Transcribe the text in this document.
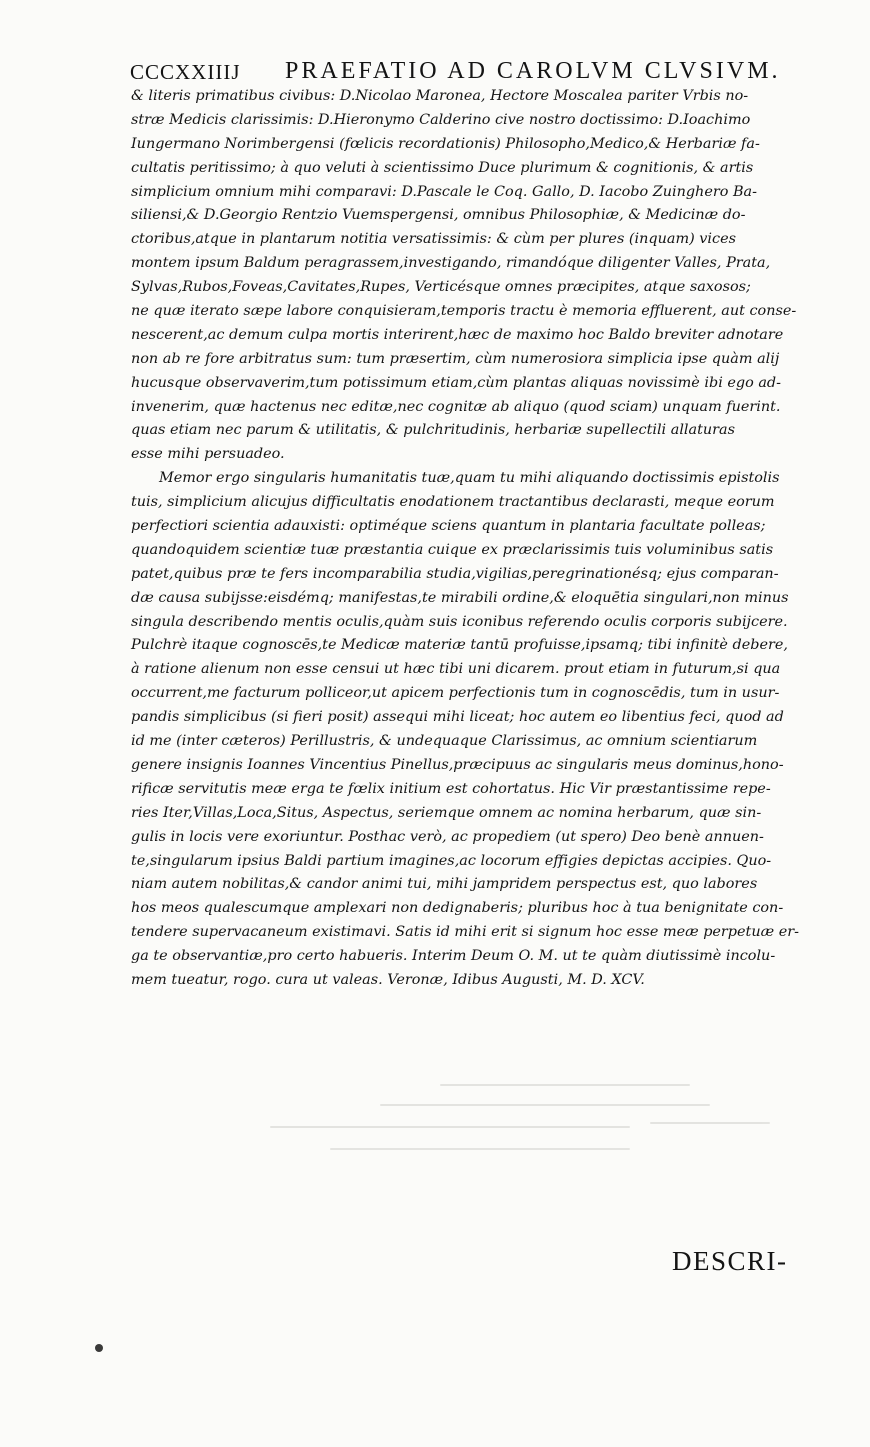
CCCXXIIIJ PRAEFATIO AD CAROLVM CLVSIVM.
& literis primatibus civibus: D.Nicolao Maronea, Hectore Moscalea pariter Vrbis no-
stræ Medicis clarissimis: D.Hieronymo Calderino cive nostro doctissimo: D.Ioachimo
Iungermano Norimbergensi (fœlicis recordationis) Philosopho,Medico,& Herbariæ fa-
cultatis peritissimo; à quo veluti à scientissimo Duce plurimum & cognitionis, & artis
simplicium omnium mihi comparavi: D.Pascale le Coq. Gallo, D. Iacobo Zuinghero Ba-
siliensi,& D.Georgio Rentzio Vuemspergensi, omnibus Philosophiæ, & Medicinæ do-
ctoribus,atque in plantarum notitia versatissimis: & cùm per plures (inquam) vices
montem ipsum Baldum peragrassem,investigando, rimandóque diligenter Valles, Prata,
Sylvas,Rubos,Foveas,Cavitates,Rupes, Verticésque omnes præcipites, atque saxosos;
ne quæ iterato sæpe labore conquisieram,temporis tractu è memoria effluerent, aut conse-
nescerent,ac demum culpa mortis interirent,hæc de maximo hoc Baldo breviter adnotare
non ab re fore arbitratus sum: tum præsertim, cùm numerosiora simplicia ipse quàm alij
hucusque observaverim,tum potissimum etiam,cùm plantas aliquas novissimè ibi ego ad-
invenerim, quæ hactenus nec editæ,nec cognitæ ab aliquo (quod sciam) unquam fuerint.
quas etiam nec parum & utilitatis, & pulchritudinis, herbariæ supellectili allaturas
esse mihi persuadeo.
Memor ergo singularis humanitatis tuæ,quam tu mihi aliquando doctissimis epistolis
tuis, simplicium alicujus difficultatis enodationem tractantibus declarasti, meque eorum
perfectiori scientia adauxisti: optiméque sciens quantum in plantaria facultate polleas;
quandoquidem scientiæ tuæ præstantia cuique ex præclarissimis tuis voluminibus satis
patet,quibus præ te fers incomparabilia studia,vigilias,peregrinationésq; ejus comparan-
dæ causa subijsse:eisdémq; manifestas,te mirabili ordine,& eloquētia singulari,non minus
singula describendo mentis oculis,quàm suis iconibus referendo oculis corporis subijcere.
Pulchrè itaque cognoscēs,te Medicæ materiæ tantū profuisse,ipsamq; tibi infinitè debere,
à ratione alienum non esse censui ut hæc tibi uni dicarem. prout etiam in futurum,si qua
occurrent,me facturum polliceor,ut apicem perfectionis tum in cognoscēdis, tum in usur-
pandis simplicibus (si fieri posit) assequi mihi liceat; hoc autem eo libentius feci, quod ad
id me (inter cæteros) Perillustris, & undequaque Clarissimus, ac omnium scientiarum
genere insignis Ioannes Vincentius Pinellus,præcipuus ac singularis meus dominus,hono-
rificæ servitutis meæ erga te fœlix initium est cohortatus. Hic Vir præstantissime repe-
ries Iter,Villas,Loca,Situs, Aspectus, seriemque omnem ac nomina herbarum, quæ sin-
gulis in locis vere exoriuntur. Posthac verò, ac propediem (ut spero) Deo benè annuen-
te,singularum ipsius Baldi partium imagines,ac locorum effigies depictas accipies. Quo-
niam autem nobilitas,& candor animi tui, mihi jampridem perspectus est, quo labores
hos meos qualescumque amplexari non dedignaberis; pluribus hoc à tua benignitate con-
tendere supervacaneum existimavi. Satis id mihi erit si signum hoc esse meæ perpetuæ er-
ga te observantiæ,pro certo habueris. Interim Deum O. M. ut te quàm diutissimè incolu-
mem tueatur, rogo. cura ut valeas. Veronæ, Idibus Augusti, M. D. XCV.
DESCRI-
